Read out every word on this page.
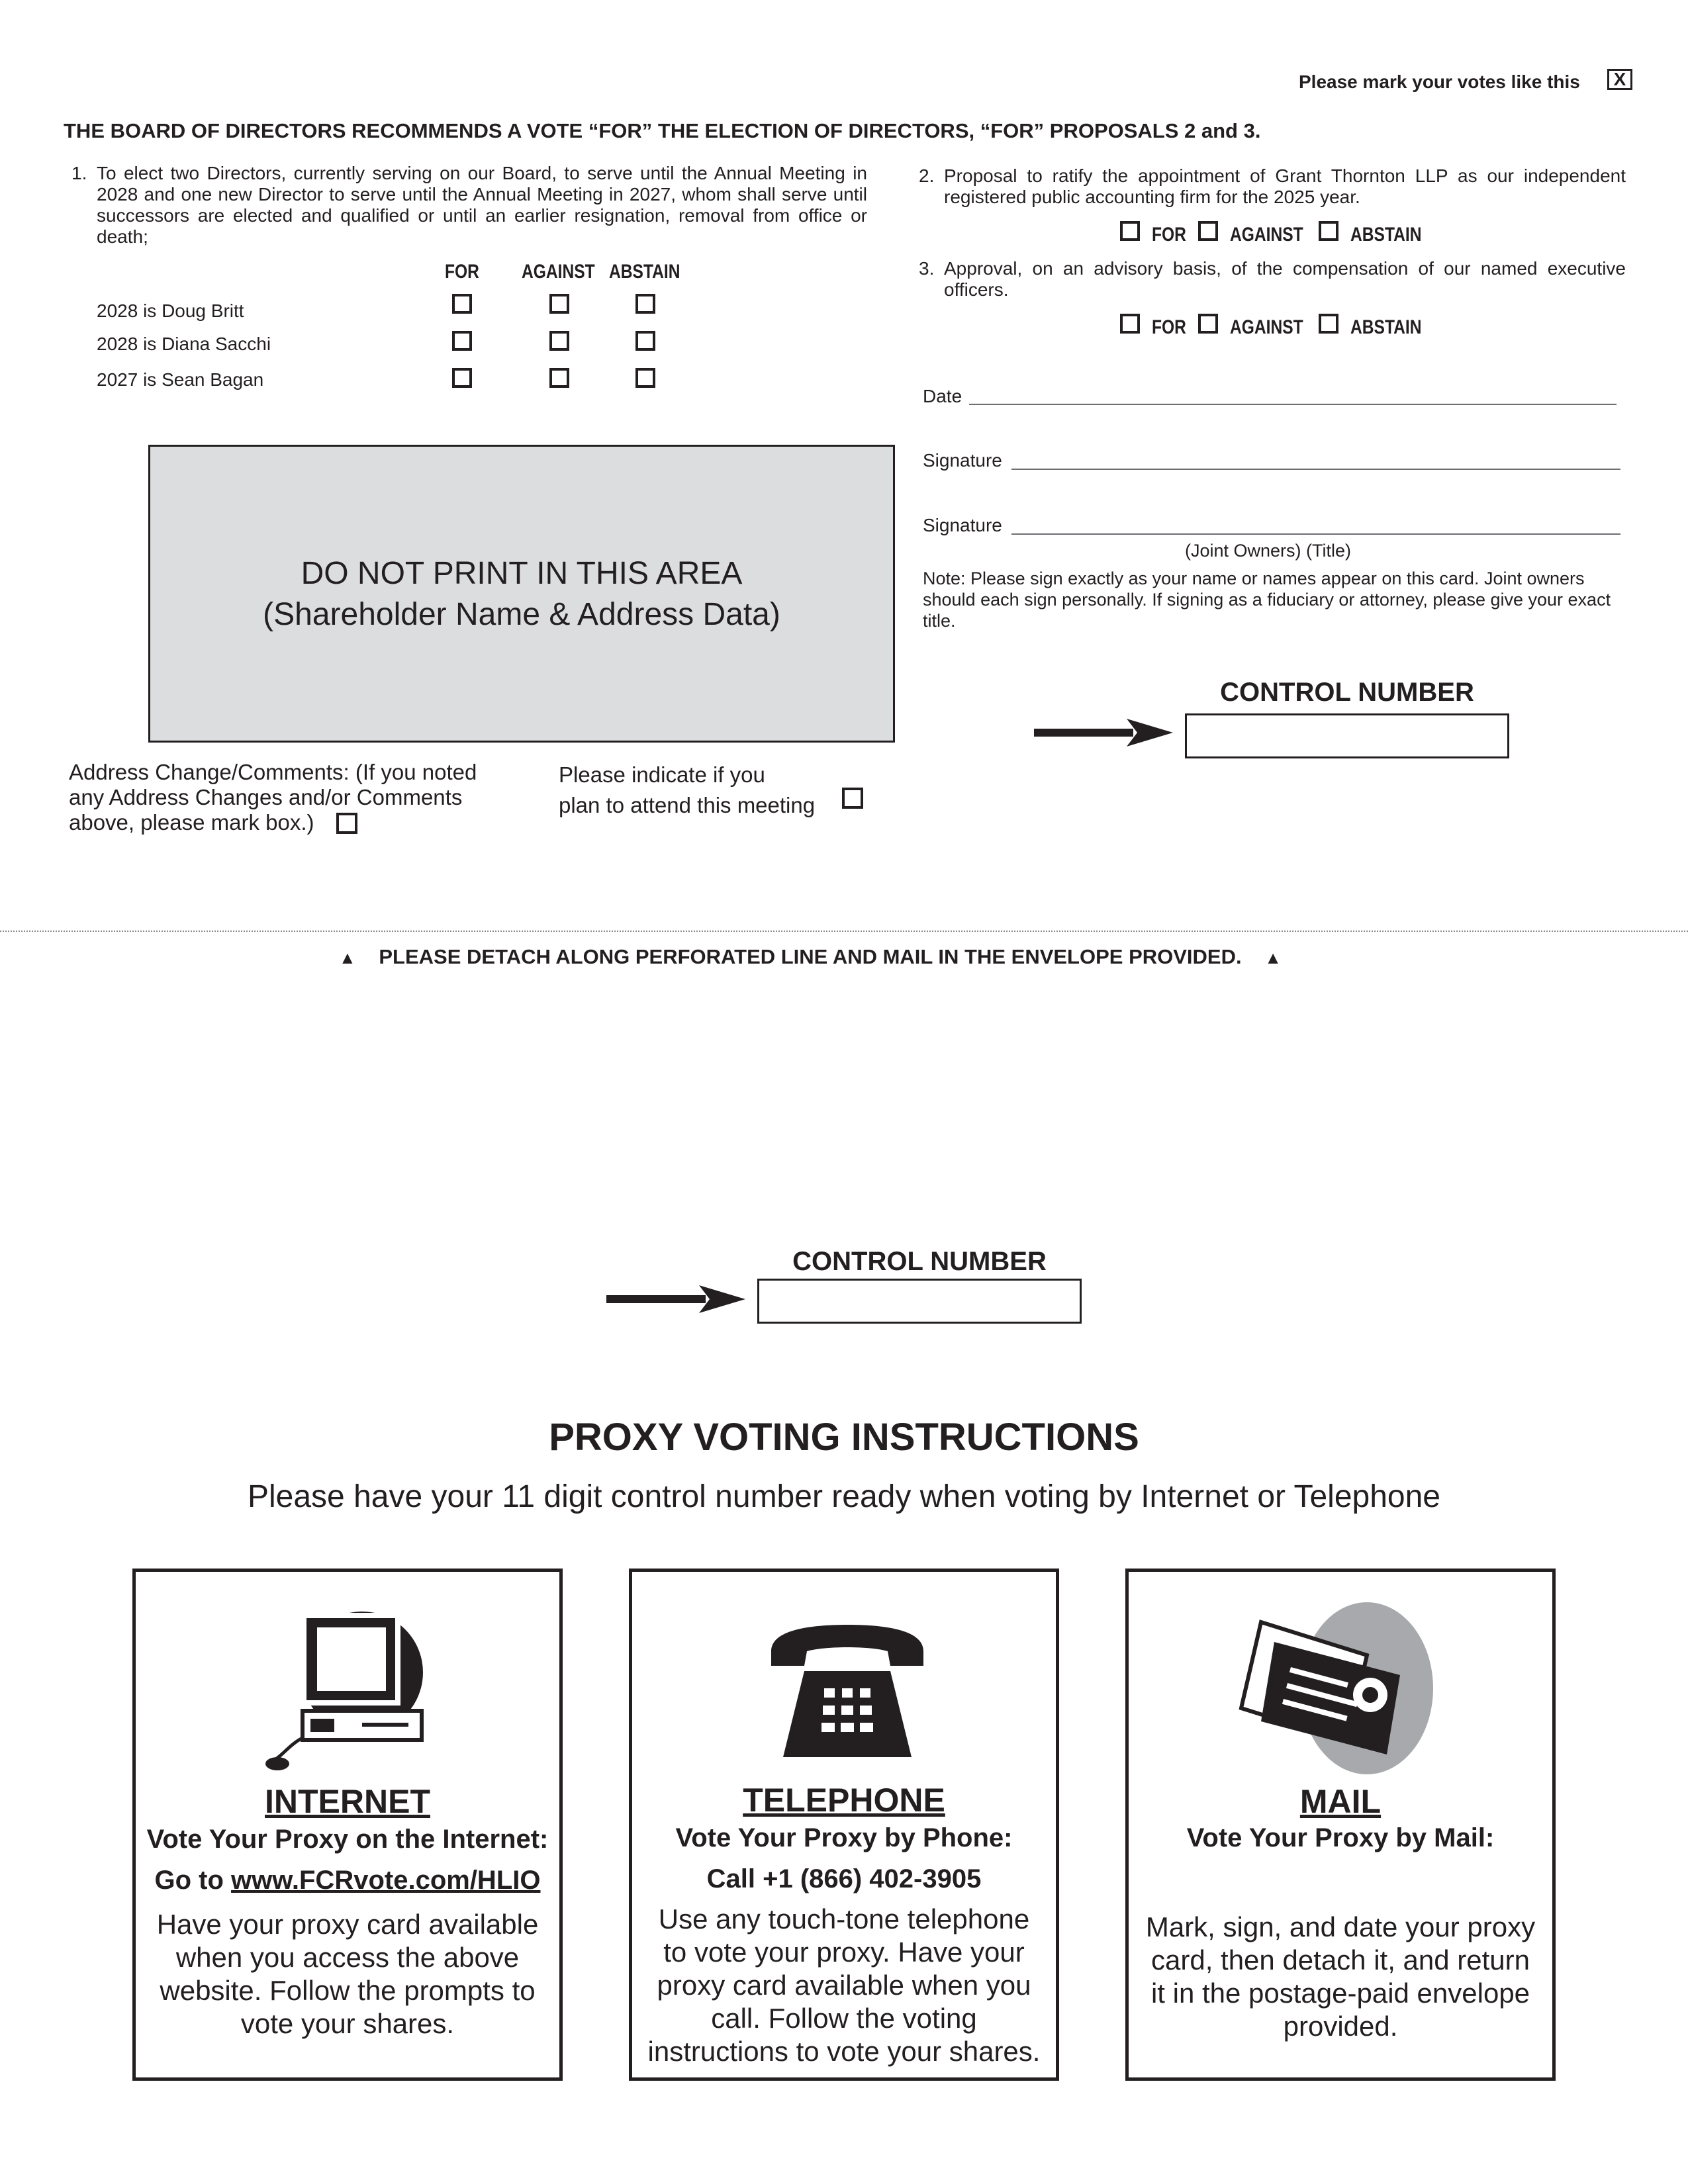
Please mark your votes like this	X
THE BOARD OF DIRECTORS RECOMMENDS A VOTE “FOR” THE ELECTION OF DIRECTORS, “FOR” PROPOSALS 2 and 3.
1. To elect two Directors, currently serving on our Board, to serve until the Annual Meeting in 2028 and one new Director to serve until the Annual Meeting in 2027, whom shall serve until successors are elected and qualified or until an earlier resignation, removal from office or death;
FOR AGAINST ABSTAIN
2028 is Doug Britt
2028 is Diana Sacchi
2027 is Sean Bagan
2. Proposal to ratify the appointment of Grant Thornton LLP as our independent registered public accounting firm for the 2025 year.
FOR AGAINST ABSTAIN
3. Approval, on an advisory basis, of the compensation of our named executive officers.
FOR AGAINST ABSTAIN
Date
Signature
Signature
(Joint Owners) (Title)
Note: Please sign exactly as your name or names appear on this card. Joint owners should each sign personally. If signing as a fiduciary or attorney, please give your exact title.
DO NOT PRINT IN THIS AREA
(Shareholder Name & Address Data)
CONTROL NUMBER
Address Change/Comments: (If you noted
any Address Changes and/or Comments
above, please mark box.)
Please indicate if you
plan to attend this meeting
▲ PLEASE DETACH ALONG PERFORATED LINE AND MAIL IN THE ENVELOPE PROVIDED. ▲
CONTROL NUMBER
PROXY VOTING INSTRUCTIONS
Please have your 11 digit control number ready when voting by Internet or Telephone
INTERNET
Vote Your Proxy on the Internet:
Go to www.FCRvote.com/HLIO
Have your proxy card available when you access the above website. Follow the prompts to vote your shares.
TELEPHONE
Vote Your Proxy by Phone:
Call +1 (866) 402-3905
Use any touch-tone telephone to vote your proxy. Have your proxy card available when you call. Follow the voting instructions to vote your shares.
MAIL
Vote Your Proxy by Mail:
Mark, sign, and date your proxy card, then detach it, and return it in the postage-paid envelope provided.
